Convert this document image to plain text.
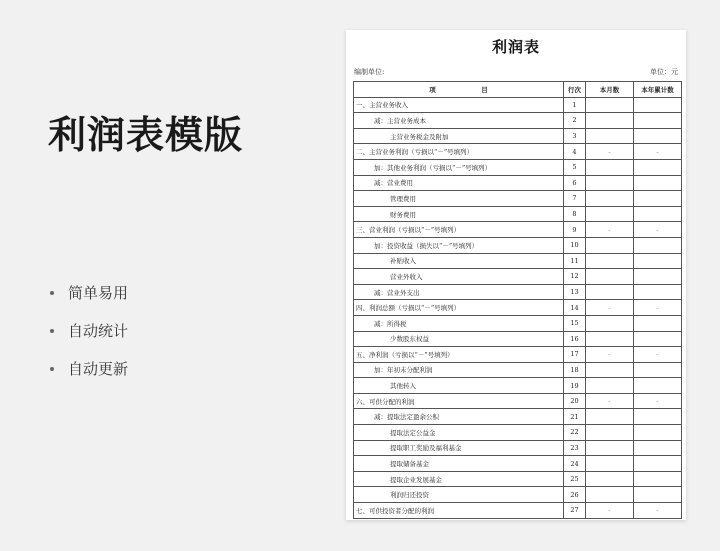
利润表模版
简单易用
自动统计
自动更新
利润表
编制单位:	单位：元
项　　　　　　　目	行次	本月数	本年累计数
一、主营业务收入	1		
减：主营业务成本	2		
主营业务税金及附加	3		
二、主营业务利润（亏损以“－”号填列）	4	-	-
加：其他业务利润（亏损以“－”号填列）	5		
减：营业费用	6		
管理费用	7		
财务费用	8		
三、营业利润（亏损以“－”号填列）	9	-	-
加：投资收益（损失以“－”号填列）	10		
补贴收入	11		
营业外收入	12		
减：营业外支出	13		
四、利润总额（亏损以“－”号填列）	14	-	-
减：所得税	15		
少数股东权益	16		
五、净利润（亏损以“－”号填列）	17	-	-
加：年初未分配利润	18		
其他转入	19		
六、可供分配的利润	20	-	-
减：提取法定盈余公积	21		
提取法定公益金	22		
提取职工奖励及福利基金	23		
提取储备基金	24		
提取企业发展基金	25		
利润归还投资	26		
七、可供投资者分配的利润	27	-	-
